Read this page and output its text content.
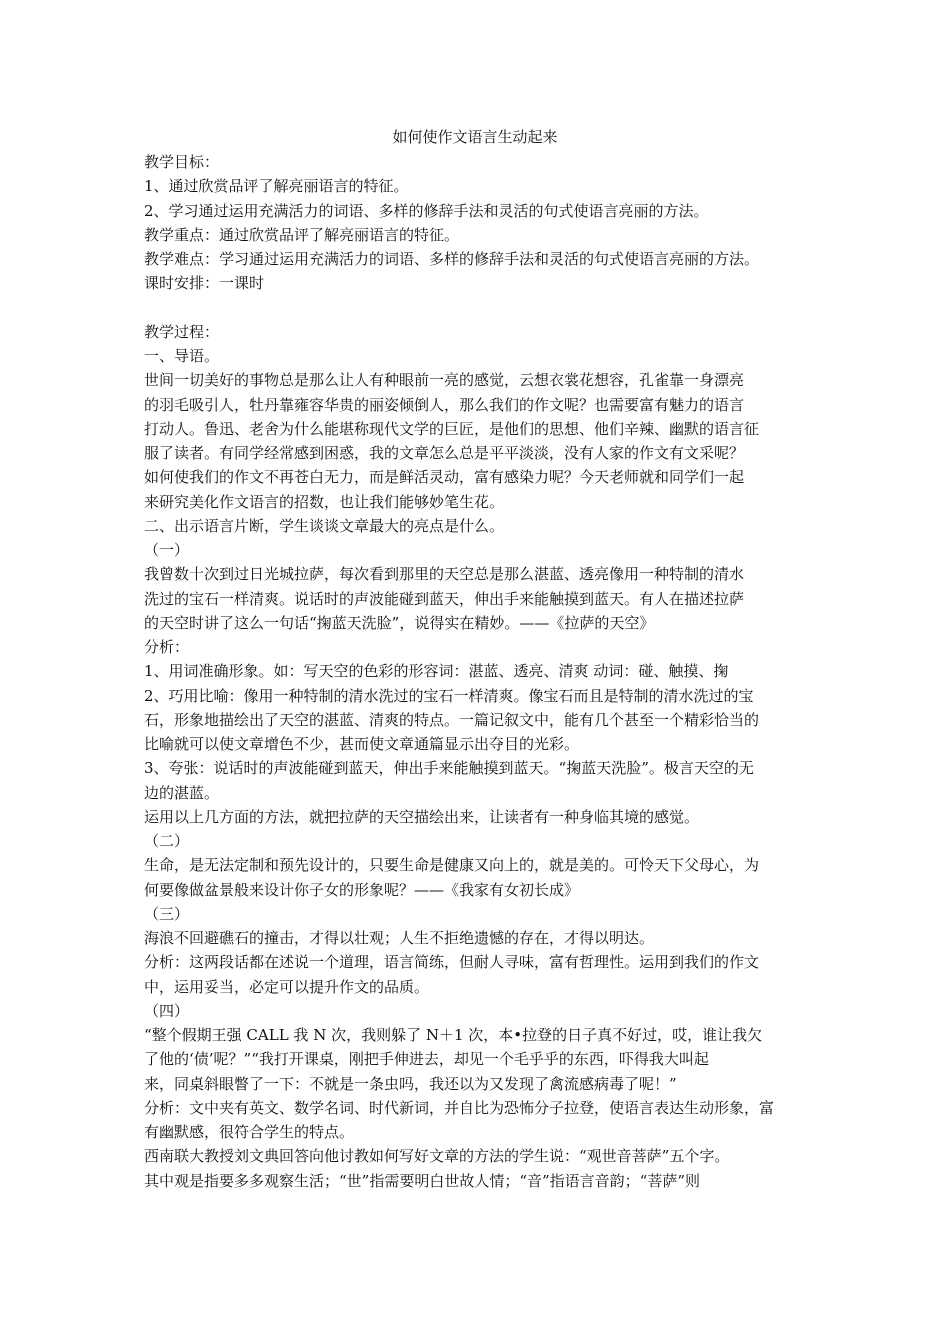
如何使作文语言生动起来
教学目标：
1、通过欣赏品评了解亮丽语言的特征。
2、学习通过运用充满活力的词语、多样的修辞手法和灵活的句式使语言亮丽的方法。
教学重点：通过欣赏品评了解亮丽语言的特征。
教学难点：学习通过运用充满活力的词语、多样的修辞手法和灵活的句式使语言亮丽的方法。
课时安排：一课时
教学过程：
一、导语。
世间一切美好的事物总是那么让人有种眼前一亮的感觉，云想衣裳花想容，孔雀靠一身漂亮
的羽毛吸引人，牡丹靠雍容华贵的丽姿倾倒人，那么我们的作文呢？也需要富有魅力的语言
打动人。鲁迅、老舍为什么能堪称现代文学的巨匠，是他们的思想、他们辛辣、幽默的语言征
服了读者。有同学经常感到困惑，我的文章怎么总是平平淡淡，没有人家的作文有文采呢？
如何使我们的作文不再苍白无力，而是鲜活灵动，富有感染力呢？今天老师就和同学们一起
来研究美化作文语言的招数，也让我们能够妙笔生花。
二、出示语言片断，学生谈谈文章最大的亮点是什么。
（一）
我曾数十次到过日光城拉萨，每次看到那里的天空总是那么湛蓝、透亮像用一种特制的清水
洗过的宝石一样清爽。说话时的声波能碰到蓝天，伸出手来能触摸到蓝天。有人在描述拉萨
的天空时讲了这么一句话“掬蓝天洗脸”，说得实在精妙。——《拉萨的天空》
分析：
1、用词准确形象。如：写天空的色彩的形容词：湛蓝、透亮、清爽 动词：碰、触摸、掬
2、巧用比喻：像用一种特制的清水洗过的宝石一样清爽。像宝石而且是特制的清水洗过的宝
石，形象地描绘出了天空的湛蓝、清爽的特点。一篇记叙文中，能有几个甚至一个精彩恰当的
比喻就可以使文章增色不少，甚而使文章通篇显示出夺目的光彩。
3、夸张：说话时的声波能碰到蓝天，伸出手来能触摸到蓝天。“掬蓝天洗脸”。极言天空的无
边的湛蓝。
运用以上几方面的方法，就把拉萨的天空描绘出来，让读者有一种身临其境的感觉。
（二）
生命，是无法定制和预先设计的，只要生命是健康又向上的，就是美的。可怜天下父母心，为
何要像做盆景般来设计你子女的形象呢？——《我家有女初长成》
（三）
海浪不回避礁石的撞击，才得以壮观；人生不拒绝遗憾的存在，才得以明达。
分析：这两段话都在述说一个道理，语言简练，但耐人寻味，富有哲理性。运用到我们的作文
中，运用妥当，必定可以提升作文的品质。
（四）
“整个假期王强 CALL 我 N 次，我则躲了 N＋1 次，本•拉登的日子真不好过，哎，谁让我欠
了他的‘债’呢？”“我打开课桌，刚把手伸进去，却见一个毛乎乎的东西，吓得我大叫起
来，同桌斜眼瞥了一下：不就是一条虫吗，我还以为又发现了禽流感病毒了呢！”
分析：文中夹有英文、数学名词、时代新词，并自比为恐怖分子拉登，使语言表达生动形象，富
有幽默感，很符合学生的特点。
西南联大教授刘文典回答向他讨教如何写好文章的方法的学生说：“观世音菩萨”五个字。
其中观是指要多多观察生活；“世”指需要明白世故人情；“音”指语言音韵；“菩萨”则
